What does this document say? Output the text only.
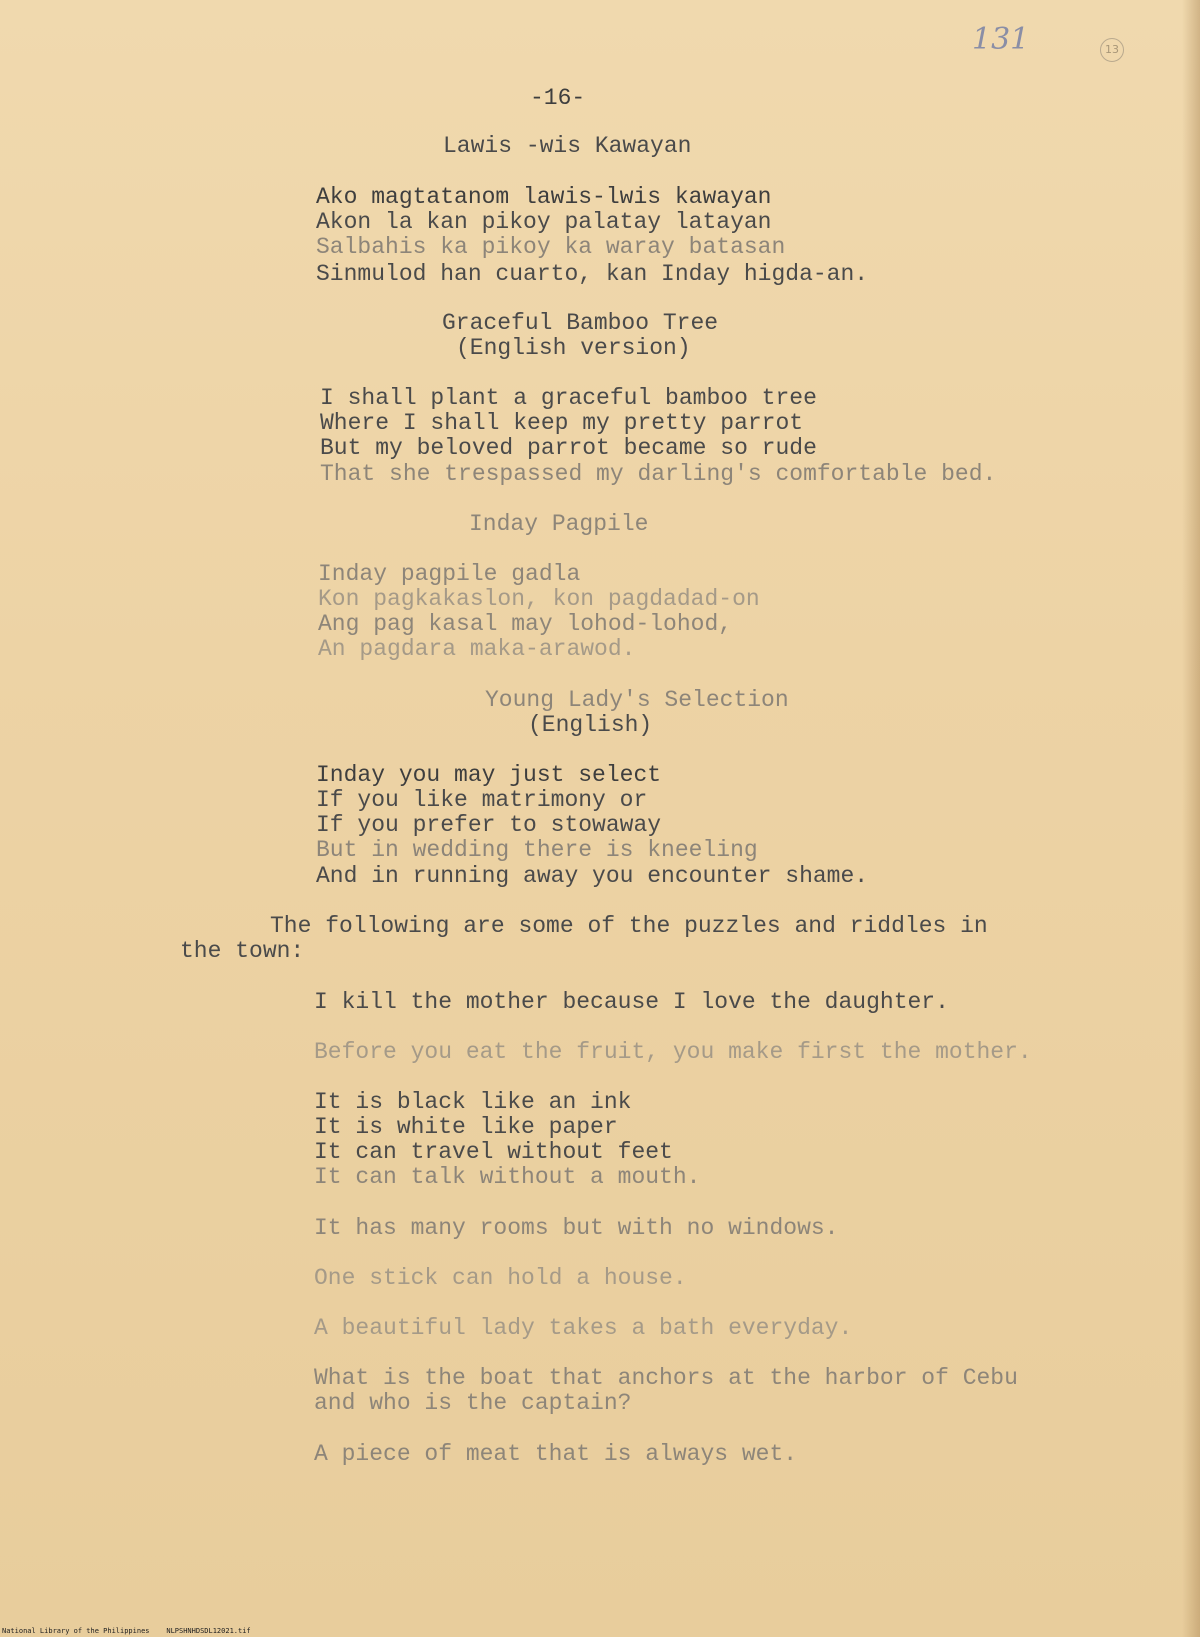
131	13
-16-
Lawis -wis Kawayan
Ako magtatanom lawis-lwis kawayan
Akon la kan pikoy palatay latayan
Salbahis ka pikoy ka waray batasan
Sinmulod han cuarto, kan Inday higda-an.
Graceful Bamboo Tree
(English version)
I shall plant a graceful bamboo tree
Where I shall keep my pretty parrot
But my beloved parrot became so rude
That she trespassed my darling's comfortable bed.
Inday Pagpile
Inday pagpile gadla
Kon pagkakaslon, kon pagdadad-on
Ang pag kasal may lohod-lohod,
An pagdara maka-arawod.
Young Lady's Selection
(English)
Inday you may just select
If you like matrimony or
If you prefer to stowaway
But in wedding there is kneeling
And in running away you encounter shame.
The following are some of the puzzles and riddles in
the town:
I kill the mother because I love the daughter.
Before you eat the fruit, you make first the mother.
It is black like an ink
It is white like paper
It can travel without feet
It can talk without a mouth.
It has many rooms but with no windows.
One stick can hold a house.
A beautiful lady takes a bath everyday.
What is the boat that anchors at the harbor of Cebu
and who is the captain?
A piece of meat that is always wet.
National Library of the Philippines    NLPSHNHDSDL12021.tif
